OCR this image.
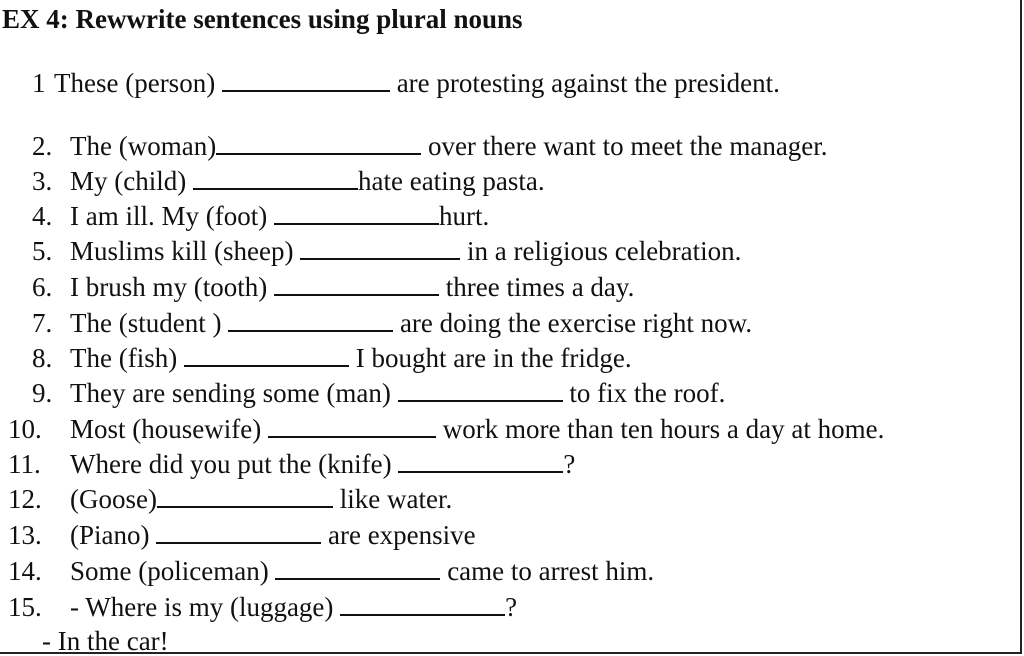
EX 4: Rewwrite sentences using plural nouns
1 These (person)	are protesting against the president.
2. The (woman)	over there want to meet the manager.
3. My (child)	hate eating pasta.
4. I am ill. My (foot)	hurt.
5. Muslims kill (sheep)	in a religious celebration.
6. I brush my (tooth)	three times a day.
7. The (student )	are doing the exercise right now.
8. The (fish)	I bought are in the fridge.
9. They are sending some (man)	to fix the roof.
10. Most (housewife)	work more than ten hours a day at home.
11. Where did you put the (knife)	?
12. (Goose)	like water.
13. (Piano)	are expensive
14. Some (policeman)	came to arrest him.
15. - Where is my (luggage)	?
- In the car!
